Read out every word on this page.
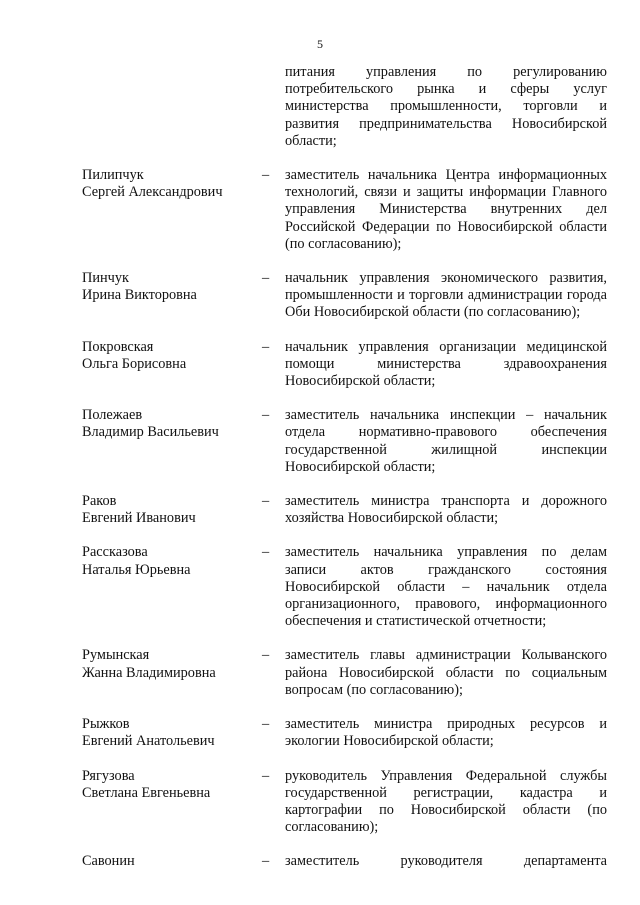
5
питания управления по регулированию потребительского рынка и сферы услуг министерства промышленности, торговли и развития предпринимательства Новосибирской области;
Пилипчук
Сергей Александрович
– заместитель начальника Центра информационных технологий, связи и защиты информации Главного управления Министерства внутренних дел Российской Федерации по Новосибирской области (по согласованию);
Пинчук
Ирина Викторовна
– начальник управления экономического развития, промышленности и торговли администрации города Оби Новосибирской области (по согласованию);
Покровская
Ольга Борисовна
– начальник управления организации медицинской помощи министерства здравоохранения Новосибирской области;
Полежаев
Владимир Васильевич
– заместитель начальника инспекции – начальник отдела нормативно-правового обеспечения государственной жилищной инспекции Новосибирской области;
Раков
Евгений Иванович
– заместитель министра транспорта и дорожного хозяйства Новосибирской области;
Рассказова
Наталья Юрьевна
– заместитель начальника управления по делам записи актов гражданского состояния Новосибирской области – начальник отдела организационного, правового, информационного обеспечения и статистической отчетности;
Румынская
Жанна Владимировна
– заместитель главы администрации Колыванского района Новосибирской области по социальным вопросам (по согласованию);
Рыжков
Евгений Анатольевич
– заместитель министра природных ресурсов и экологии Новосибирской области;
Рягузова
Светлана Евгеньевна
– руководитель Управления Федеральной службы государственной регистрации, кадастра и картографии по Новосибирской области (по согласованию);
Савонин	– заместитель руководителя департамента
